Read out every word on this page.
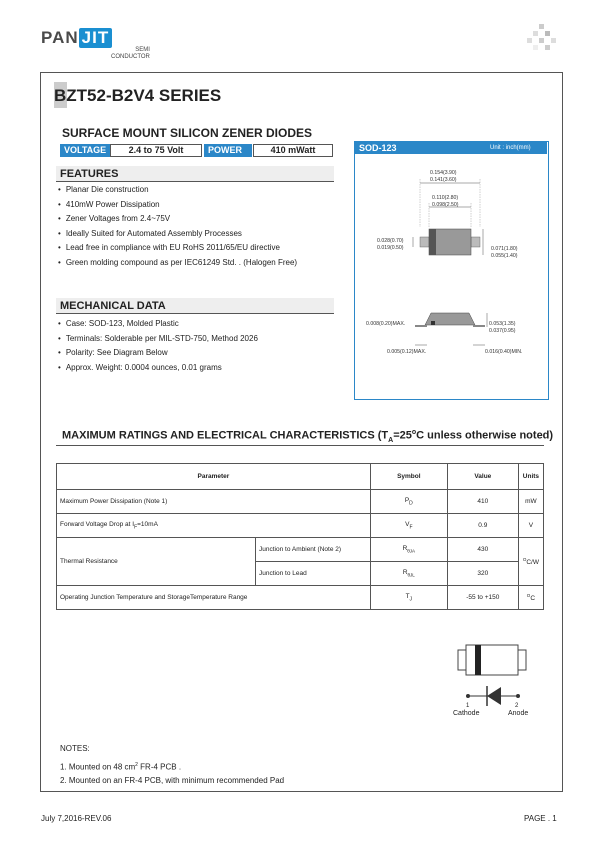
PAN JIT
SEMI
CONDUCTOR
BZT52-B2V4 SERIES
SURFACE MOUNT SILICON ZENER DIODES
VOLTAGE	2.4 to 75 Volt	POWER	410 mWatt
FEATURES
• Planar Die construction
• 410mW Power Dissipation
• Zener Voltages from 2.4~75V
• Ideally Suited for Automated Assembly Processes
• Lead free in compliance with EU RoHS 2011/65/EU directive
• Green molding compound as per IEC61249 Std. . (Halogen Free)
MECHANICAL DATA
• Case: SOD-123, Molded Plastic
• Terminals: Solderable per MIL-STD-750, Method 2026
• Polarity: See Diagram Below
• Approx. Weight: 0.0004 ounces, 0.01 grams
SOD-123	Unit : inch(mm)
0.154(3.90)
0.141(3.60)
0.110(2.80)
0.098(2.50)
0.028(0.70)
0.019(0.50)	0.071(1.80)
0.055(1.40)
0.008(0.20)MAX.	0.053(1.35)
0.037(0.95)
0.005(0.12)MAX.	0.016(0.40)MIN.
MAXIMUM RATINGS AND ELECTRICAL CHARACTERISTICS ($T_A=25^oC$ unless otherwise noted)
Parameter		Symbol	Value	Units
Maximum Power Dissipation (Note 1)		$P_D$	410	mW
Forward Voltage Drop at $I_F=10mA$		$V_F$	0.9	V
Thermal Resistance	Junction to Ambient (Note 2)	$R_{\theta JA}$	430	$^O$C/W
	Junction to Lead	$R_{\theta JL}$	320	
Operating Junction Temperature and StorageTemperature Range		$T_J$	-55 to +150	$^O$C
1	2
Cathode	Anode
NOTES:
1. Mounted on 48 $cm^2$ FR-4 PCB .
2. Mounted on an FR-4 PCB, with minimum recommended Pad
July 7,2016-REV.06	PAGE . 1
